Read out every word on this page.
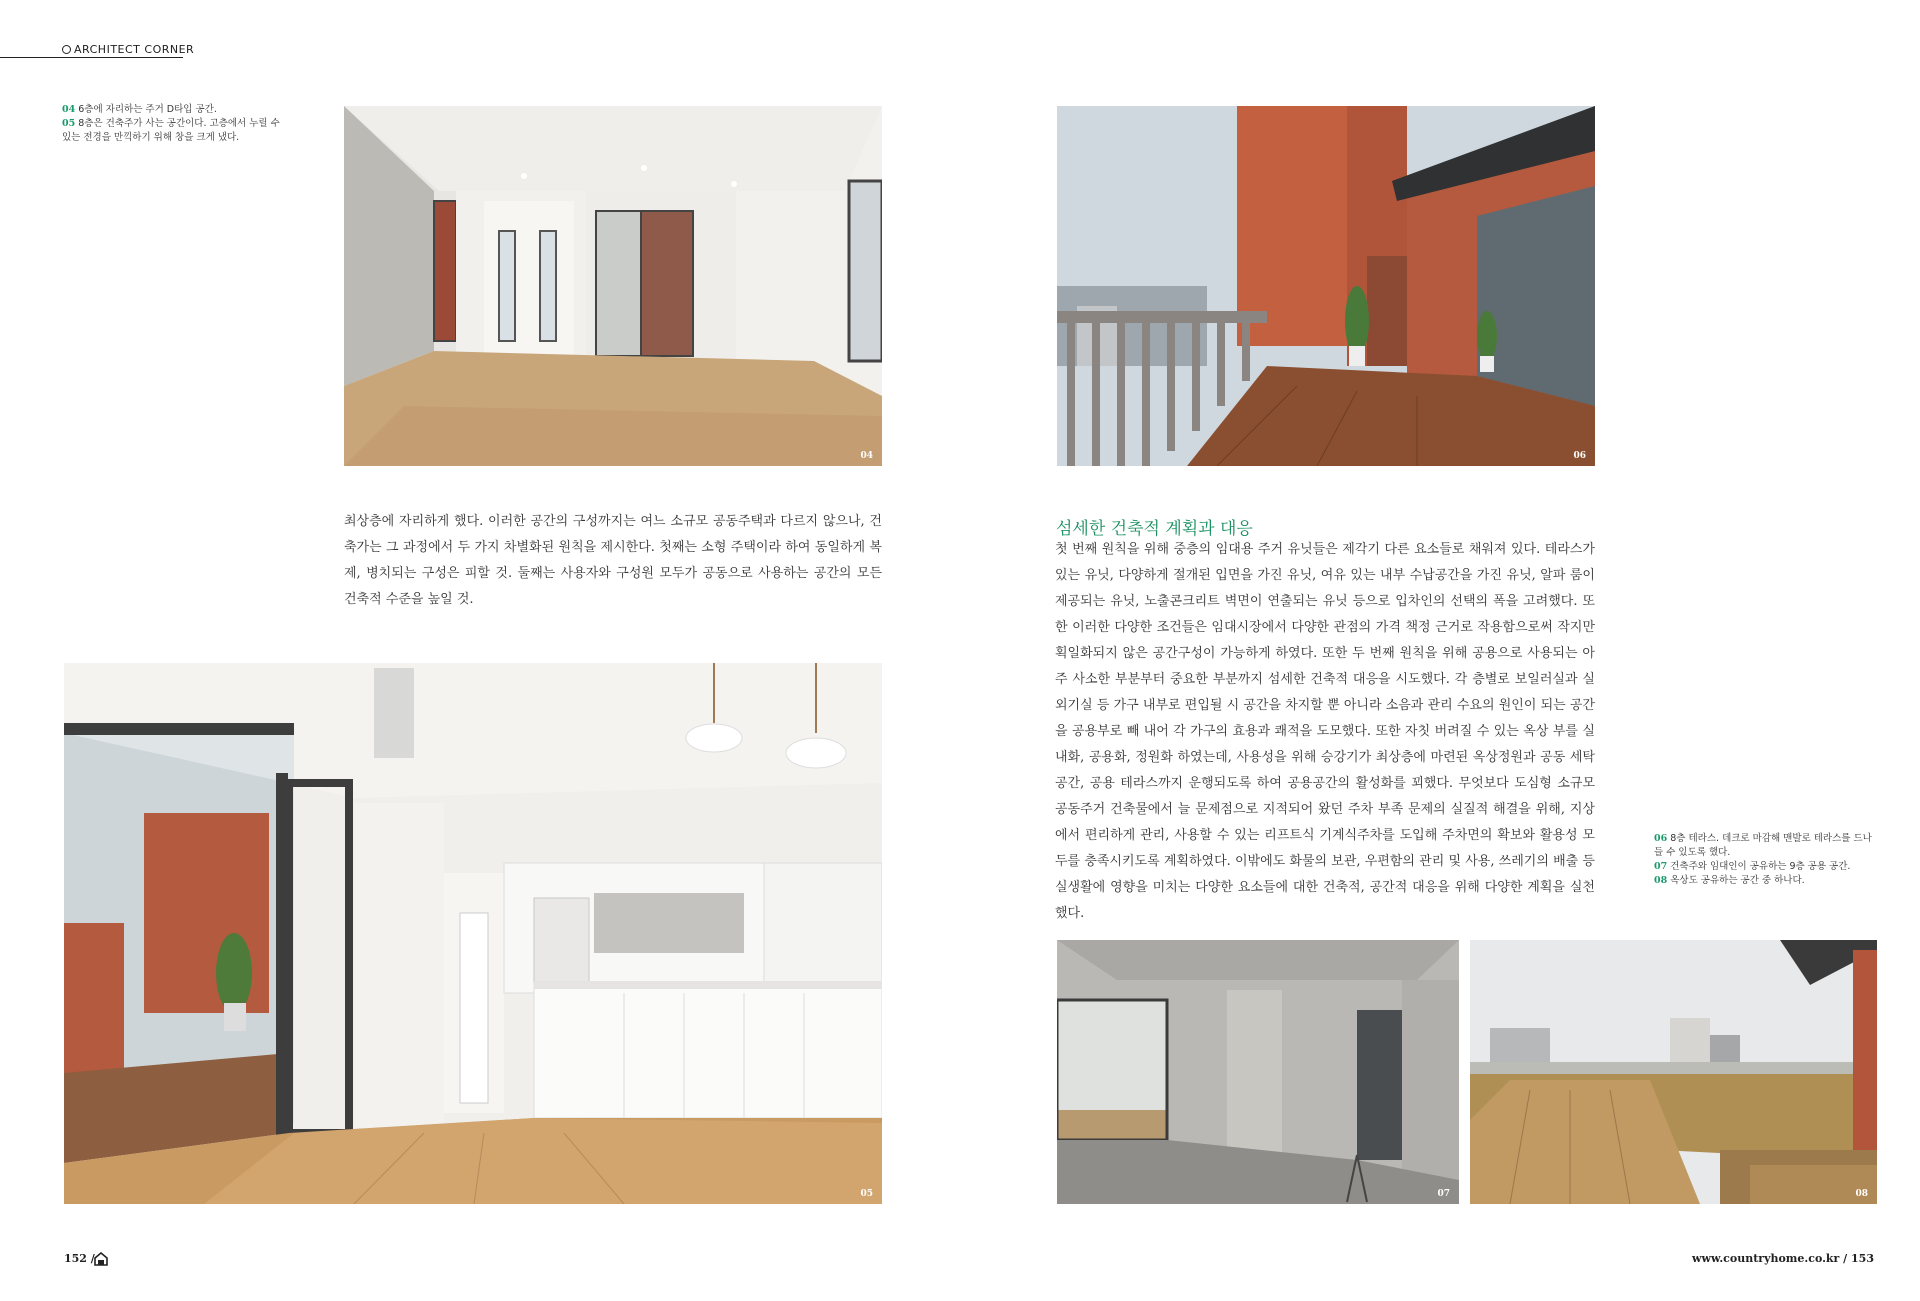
ARCHITECT CORNER
04 6층에 자리하는 주거 D타입 공간.
05 8층은 건축주가 사는 공간이다. 고층에서 누릴 수 있는 전경을 만끽하기 위해 창을 크게 냈다.
04
최상층에 자리하게 했다. 이러한 공간의 구성까지는 여느 소규모 공동주택과 다르지 않으나, 건축가는 그 과정에서 두 가지 차별화된 원칙을 제시한다. 첫째는 소형 주택이라 하여 동일하게 복제, 병치되는 구성은 피할 것. 둘째는 사용자와 구성원 모두가 공동으로 사용하는 공간의 모든 건축적 수준을 높일 것.
05
152 /
06
섬세한 건축적 계획과 대응
첫 번째 원칙을 위해 중층의 임대용 주거 유닛들은 제각기 다른 요소들로 채워져 있다. 테라스가 있는 유닛, 다양하게 절개된 입면을 가진 유닛, 여유 있는 내부 수납공간을 가진 유닛, 알파 룸이 제공되는 유닛, 노출콘크리트 벽면이 연출되는 유닛 등으로 입차인의 선택의 폭을 고려했다. 또한 이러한 다양한 조건들은 임대시장에서 다양한 관점의 가격 책정 근거로 작용함으로써 작지만 획일화되지 않은 공간구성이 가능하게 하였다. 또한 두 번째 원칙을 위해 공용으로 사용되는 아주 사소한 부분부터 중요한 부분까지 섬세한 건축적 대응을 시도했다. 각 층별로 보일러실과 실외기실 등 가구 내부로 편입될 시 공간을 차지할 뿐 아니라 소음과 관리 수요의 원인이 되는 공간을 공용부로 빼 내어 각 가구의 효용과 쾌적을 도모했다. 또한 자칫 버려질 수 있는 옥상 부를 실내화, 공용화, 정원화 하였는데, 사용성을 위해 승강기가 최상층에 마련된 옥상정원과 공동 세탁공간, 공용 테라스까지 운행되도록 하여 공용공간의 활성화를 꾀했다. 무엇보다 도심형 소규모 공동주거 건축물에서 늘 문제점으로 지적되어 왔던 주차 부족 문제의 실질적 해결을 위해, 지상에서 편리하게 관리, 사용할 수 있는 리프트식 기계식주차를 도입해 주차면의 확보와 활용성 모두를 충족시키도록 계획하였다. 이밖에도 화물의 보관, 우편함의 관리 및 사용, 쓰레기의 배출 등 실생활에 영향을 미치는 다양한 요소들에 대한 건축적, 공간적 대응을 위해 다양한 계획을 실천했다.
06 8층 테라스. 데크로 마감해 맨발로 테라스를 드나들 수 있도록 했다.
07 건축주와 임대인이 공유하는 9층 공용 공간.
08 옥상도 공유하는 공간 중 하나다.
07	08
www.countryhome.co.kr / 153
